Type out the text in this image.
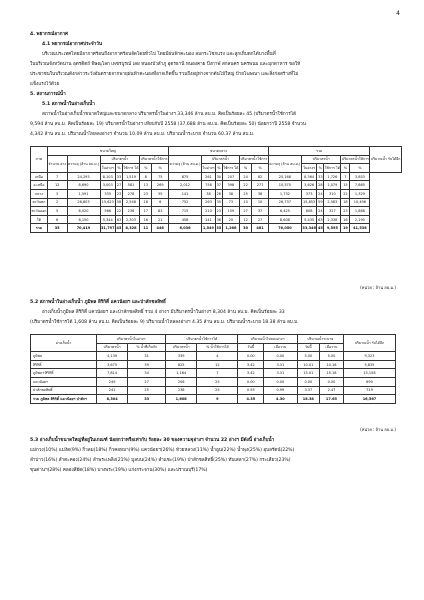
4
4. พยากรณ์อากาศ
4.1 พยากรณ์อากาศประจำวัน
บริเวณประเทศไทยมีอากาศร้อนถึงอากาศร้อนจัดโดยทั่วไป โดยมีฝนฟ้าคะนอง ลมกระโชกแรง และลูกเห็บตกได้บางพื้นที่
ในบริเวณจังหวัดน่าน อุตรดิตถ์ พิษณุโลก เพชรบูรณ์ เลย หนองบัวลำภู อุดรธานี หนองคาย บึงกาฬ สกลนคร นครพนม และมุกดาหาร ขอให้
ประชาชนในบริเวณดังกล่าวระวังอันตรายจากพายุฝนฟ้าคะนองที่อาจเกิดขึ้น รวมถึงอยู่ห่างจากต้นไม้ใหญ่ ป้ายโฆษณา และสิ่งก่อสร้างที่ไม่
แข็งแรงไว้ด้วย
5. สถานการณ์น้ำ
5.1 สภาพน้ำในอ่างเก็บน้ำ
สภาพน้ำในอ่างเก็บน้ำขนาดใหญ่และขนาดกลาง ปริมาตรน้ำในอ่างฯ 33,346 ล้าน ลบ.ม. คิดเป็นร้อยละ 45 (ปริมาตรน้ำใช้การได้
9,594 ล้าน ลบ.ม. คิดเป็นร้อยละ 19) ปริมาตรน้ำในอ่างฯ เทียบกับปี 2558 (37,688 ล้าน ลบ.ม. คิดเป็นร้อยละ 50) น้อยกว่าปี 2558 จำนวน
4,342 ล้าน ลบ.ม. ปริมาณน้ำไหลลงอ่างฯ จำนวน 10.09 ล้าน ลบ.ม. ปริมาณน้ำระบาย จำนวน 60.37 ล้าน ลบ.ม.
ภาค	ขนาดใหญ่							ขนาดกลาง						รวม						ปริมาณน้ำ รับได้อีก
	จำนวน อ่าง	ความจุ (ล้าน ลบ.ม.)	ปริมาตรน้ำ			ปริมาตรน้ำใช้การ		ความจุ (ล้าน ลบ.ม.)	ปริมาตรน้ำ			ปริมาตรน้ำใช้การ		ความจุ (ล้าน ลบ.ม.)	ปริมาตรน้ำ			ปริมาตรน้ำใช้การ		
			ในอ่างฯ	%	ใช้การ ได้	%	%		ในอ่างฯ	%	ใช้การ ได้	%	%		ในอ่างฯ	%	ใช้การ ได้	%	%	
เหนือ	7	24,293	8,103	33	1,519	8	75	875	261	30	207	24	82	25,168	8,364	33	1,726	7	3,853	
อ.เหนือ	12	8,690	3,003	27	581	13	269	2,012	758	37	398	22	277	10,570	3,626	28	1,079	15	7,865	
กลาง	3	1,591	335	23	278	23	35	141	38	28	38	25	38	1,732	373	24	310	22	1,329	
ตะวันตก	2	26,803	15,623	58	2,548	18	6	752	263	35	73	10	10	26,737	15,853	59	2,583	18	10,496	
ตะวันออก	5	6,020	566	22	238	17	83	715	210	23	159	27	37	6,425	608	24	327	23	1,868	
ใต้	6	8,150	5,344	63	2,303	16	21	458	141	36	20	12	27	8,608	5,435	63	2,338	16	2,190	
รวม	35	70,419	31,797	45	8,328	11	446	6,036	1,549	35	1,266	30	481	76,050	33,346	45	9,595	19	41,538	
(หน่วย : ล้าน ลบ.ม.)
5.2 สภาพน้ำในอ่างเก็บน้ำ ภูมิพล สิริกิติ์ แควน้อยฯ และป่าสักชลสิทธิ์
อ่างเก็บน้ำภูมิพล สิริกิติ์ แควน้อยฯ และป่าสักชลสิทธิ์ รวม 4 อ่างฯ มีปริมาตรน้ำในอ่างฯ 8,304 ล้าน ลบ.ม. คิดเป็นร้อยละ 33
(ปริมาตรน้ำใช้การได้ 1,608 ล้าน ลบ.ม. คิดเป็นร้อยละ 9) ปริมาณน้ำไหลลงอ่างฯ 4.35 ล้าน ลบ.ม. ปริมาณน้ำระบาย 18.38 ล้าน ลบ.ม.
อ่างเก็บน้ำ	ปริมาตรน้ำในอ่างฯ		ปริมาตรน้ำใช้การได้		ปริมาณน้ำไหลลงอ่างฯ		ปริมาณน้ำระบาย		ปริมาณน้ำ รับได้อีก
	ปริมาตรน้ำ	% น้ำที่เก็บกัก	ปริมาตรน้ำ	% น้ำใช้การได้	วันนี้	เมื่อวาน	วันนี้	เมื่อวาน	
ภูมิพล	4,139	31	339	4	0.00	0.00	5.00	5.00	9,323
สิริกิติ์	3,675	39	825	12	3.42	3.31	10.01	10.18	5,835
ภูมิพล+สิริกิติ์	7,814	34	1,164	7	3.42	3.31	15.01	15.18	15,158
แควน้อยฯ	249	27	206	25	0.00	0.00	0.00	0.00	690
ป่าสักชลสิทธิ์	241	25	238	25	0.93	0.99	3.37	2.47	719
รวม ภูมิพล สิริกิติ์ แควน้อยฯ ป่าสักฯ	8,304	33	1,608	9	4.35	4.30	18.38	17.65	16,567
(หน่วย : ล้าน ลบ.ม.)
5.3 อ่างเก็บน้ำขนาดใหญ่ที่อยู่ในเกณฑ์ น้อยกว่าหรือเท่ากับ ร้อยละ 30 ของความจุอ่างฯ จำนวน 22 อ่างฯ มีดังนี้ อ่างเก็บน้ำ
แม่กวง(10%) แม่งัด(9%) กิ่วลม(18%) กิ่วคอหมา(9%) แควน้อยฯ(26%) ห้วยหลวง(11%) น้ำอูน(22%) น้ำพุง(25%) อุบลรัตน์(22%)
ลำปาว(16%) ลำตะคอง(24%) ลำพระเพลิง(21%) มูลบน(24%) ลำแซะ(19%) ป่าสักชลสิทธิ์(25%) ทับเสลา(27%) กระเสียว(23%)
ขุนด่านฯ(28%) คลองสียัด(18%) บางพระ(19%) แก่งกระจาน(30%) และปราณบุรี(17%)
